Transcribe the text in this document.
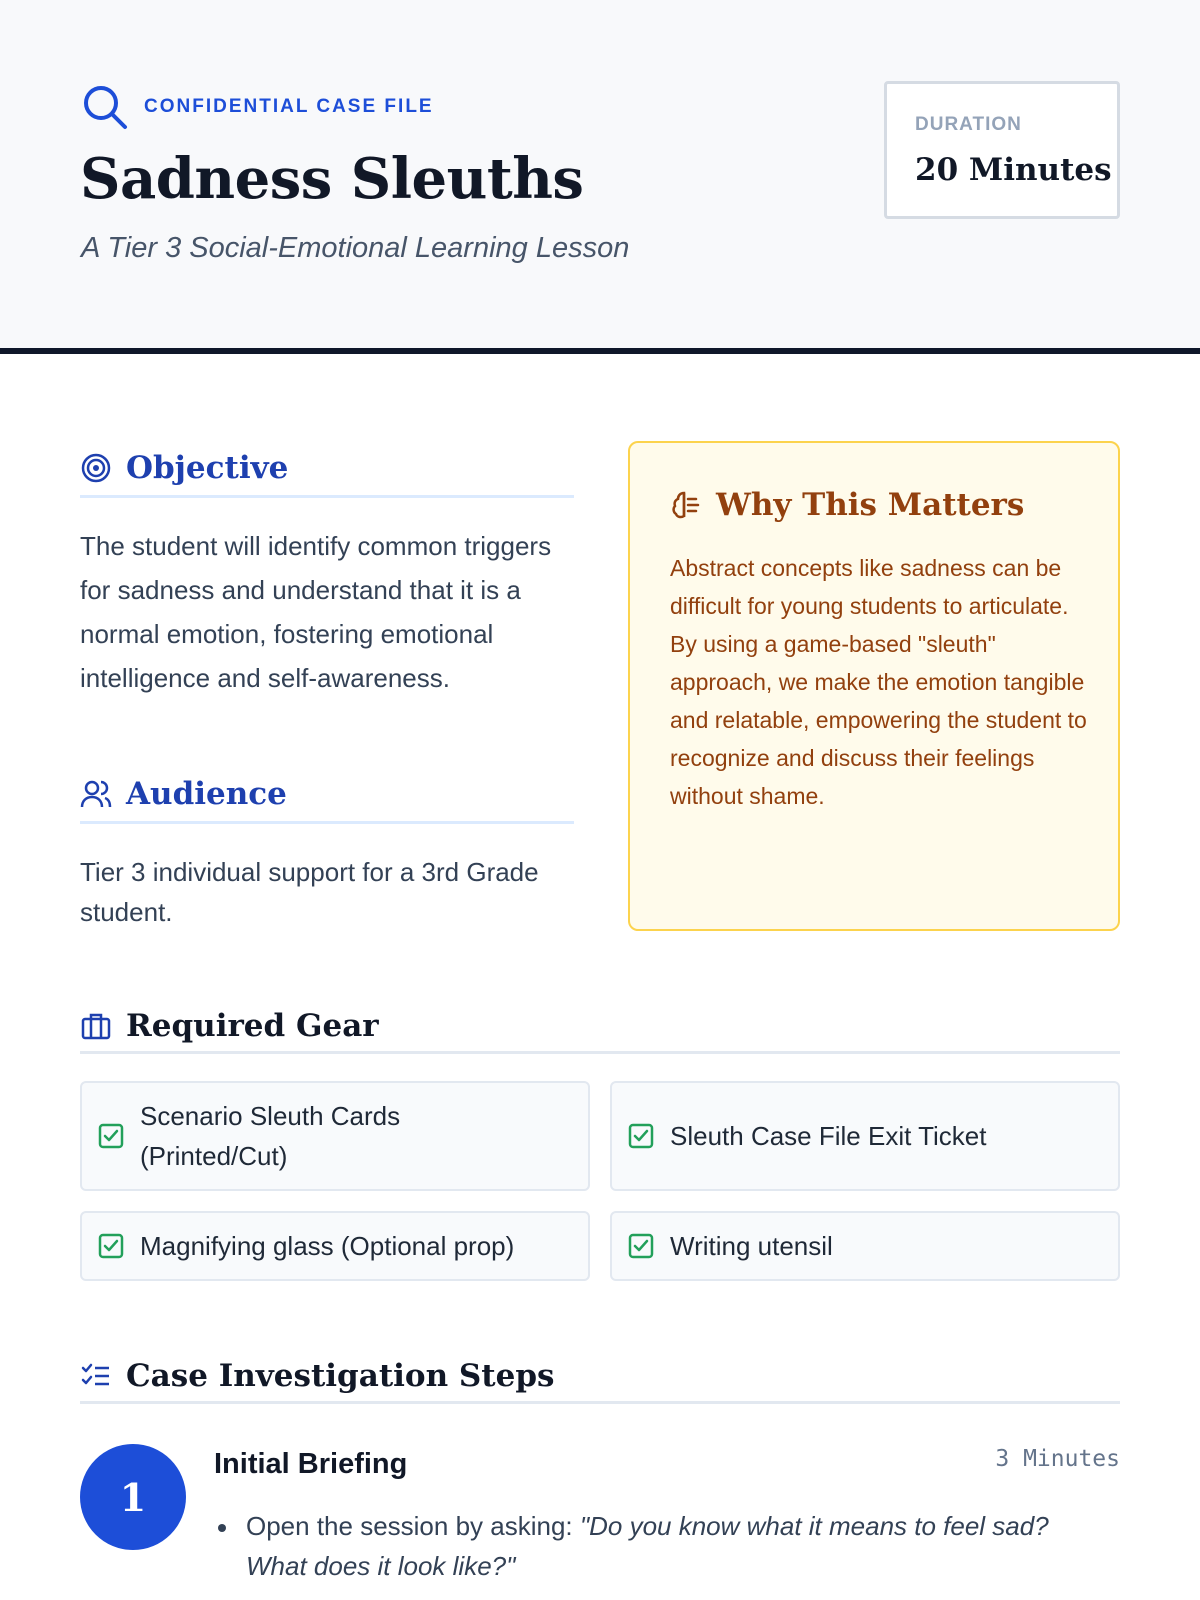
CONFIDENTIAL CASE FILE
Sadness Sleuths
A Tier 3 Social-Emotional Learning Lesson
DURATION
20 Minutes
Objective
The student will identify common triggers for sadness and understand that it is a normal emotion, fostering emotional intelligence and self-awareness.
Audience
Tier 3 individual support for a 3rd Grade student.
Why This Matters
Abstract concepts like sadness can be difficult for young students to articulate. By using a game-based "sleuth" approach, we make the emotion tangible and relatable, empowering the student to recognize and discuss their feelings without shame.
Required Gear
Scenario Sleuth Cards (Printed/Cut)
Sleuth Case File Exit Ticket
Magnifying glass (Optional prop)	Writing utensil
Case Investigation Steps
1
Initial Briefing	3 Minutes
Open the session by asking: "Do you know what it means to feel sad? What does it look like?"
